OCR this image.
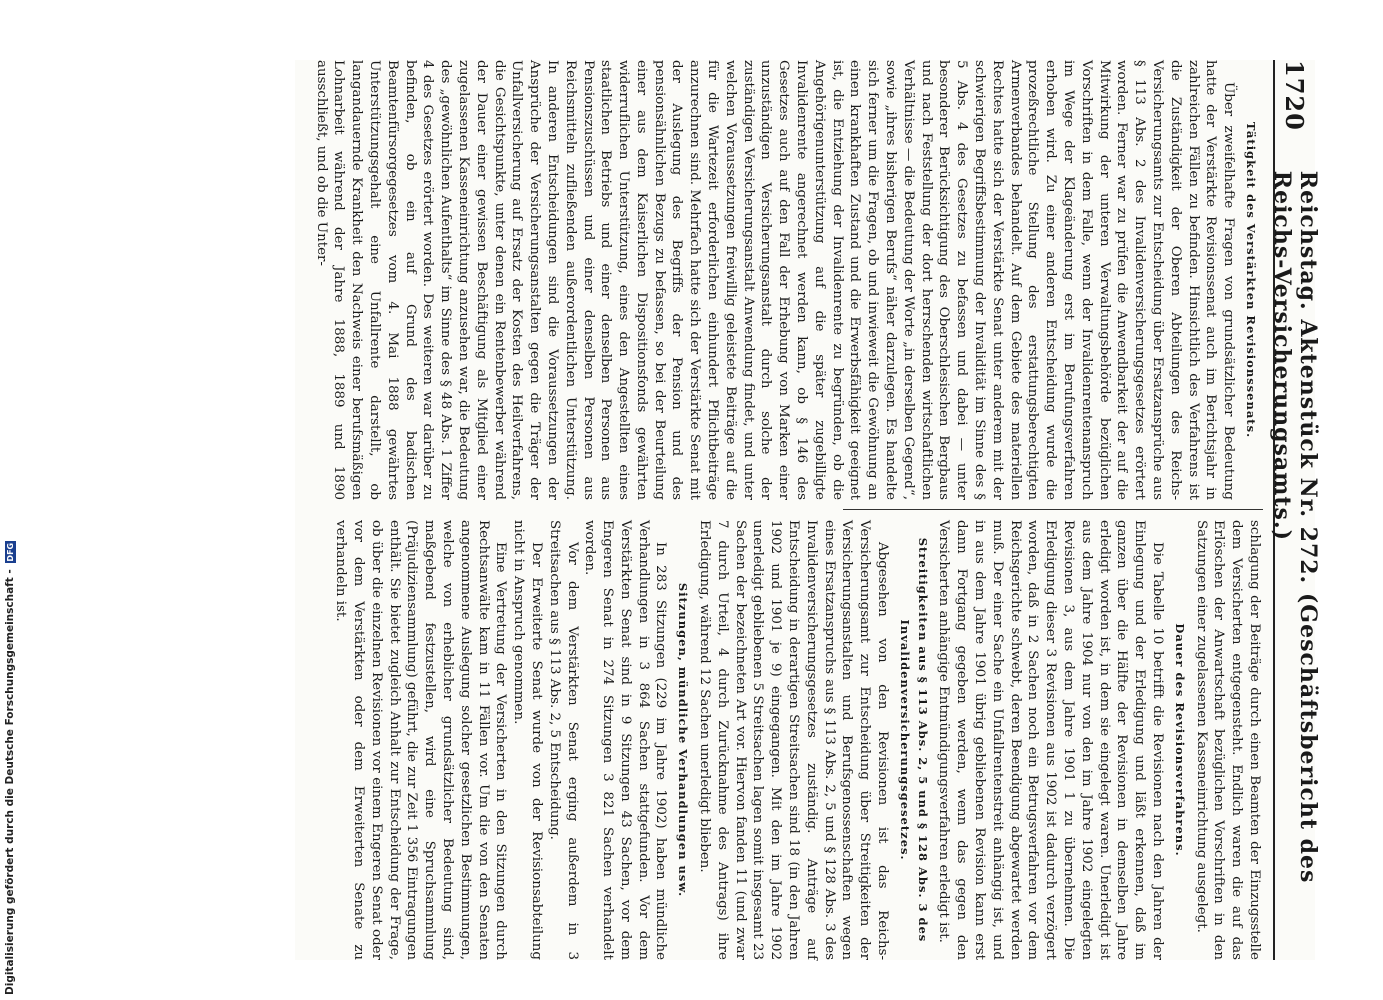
1720
Reichstag. Aktenstück Nr. 272. (Geschäftsbericht des Reichs-Versicherungsamts.)
Tätigkeit des Verstärkten Revisionssenats.

Über zweifelhafte Fragen von grundsätzlicher Bedeutung hatte der Verstärkte Revisionssenat auch im Berichtsjahr in zahlreichen Fällen zu befinden. Hinsichtlich des Verfahrens ist die Zuständigkeit der Oberen Abteilungen des Reichs-Versicherungsamts zur Entscheidung über Ersatzansprüche aus § 113 Abs. 2 des Invalidenversicherungsgesetzes erörtert worden. Ferner war zu prüfen die Anwendbarkeit der auf die Mitwirkung der unteren Verwaltungsbehörde bezüglichen Vorschriften in dem Falle, wenn der Invalidenrentenanspruch im Wege der Klageänderung erst im Berufungsverfahren erhoben wird. Zu einer anderen Entscheidung wurde die prozeßrechtliche Stellung des erstattungsberechtigten Armenverbandes behandelt. Auf dem Gebiete des materiellen Rechtes hatte sich der Verstärkte Senat unter anderem mit der schwierigen Begriffsbestimmung der Invalidität im Sinne des § 5 Abs. 4 des Gesetzes zu befassen und dabei — unter besonderer Berücksichtigung des Oberschlesischen Bergbaus und nach Feststellung der dort herrschenden wirtschaftlichen Verhältnisse — die Bedeutung der Worte „in derselben Gegend“, sowie „ihres bisherigen Berufs“ näher darzulegen. Es handelte sich ferner um die Fragen, ob und inwieweit die Gewöhnung an einen krankhaften Zustand und die Erwerbsfähigkeit geeignet ist, die Entziehung der Invalidenrente zu begründen, ob die Angehörigenunterstützung auf die später zugebilligte Invalidenrente angerechnet werden kann, ob § 146 des Gesetzes auch auf den Fall der Erhebung von Marken einer unzuständigen Versicherungsanstalt durch solche der zuständigen Versicherungsanstalt Anwendung findet, und unter welchen Voraussetzungen freiwillig geleistete Beiträge auf die für die Wartezeit erforderlichen einhundert Pflichtbeiträge anzurechnen sind. Mehrfach hatte sich der Verstärkte Senat mit der Auslegung des Begriffs der Pension und des pensionsähnlichen Bezugs zu befassen, so bei der Beurteilung einer aus dem Kaiserlichen Dispositionsfonds gewährten widerruflichen Unterstützung, eines den Angestellten eines staatlichen Betriebs und einer denselben Personen aus Pensionszuschüssen und einer denselben Personen aus Reichsmitteln zufließenden außerordentlichen Unterstützung. In anderen Entscheidungen sind die Voraussetzungen der Ansprüche der Versicherungsanstalten gegen die Träger der Unfallversicherung auf Ersatz der Kosten des Heilverfahrens, die Gesichtspunkte, unter denen ein Rentenbewerber während der Dauer einer gewissen Beschäftigung als Mitglied einer zugelassenen Kasseneinrichtung anzusehen war, die Bedeutung des „gewöhnlichen Aufenthalts“ im Sinne des § 48 Abs. 1 Ziffer 4 des Gesetzes erörtert worden. Des weiteren war darüber zu befinden, ob ein auf Grund des badischen Beamtenfürsorgegesetzes vom 4. Mai 1888 gewährtes Unterstützungsgehalt eine Unfallrente darstellt, ob langandauernde Krankheit den Nachweis einer berufsmäßigen Lohnarbeit während der Jahre 1888, 1889 und 1890 ausschließt, und ob die Unter-

schlagung der Beiträge durch einen Beamten der Einzugsstelle dem Versicherten entgegensteht. Endlich waren die auf das Erlöschen der Anwartschaft bezüglichen Vorschriften in den Satzungen einer zugelassenen Kasseneinrichtung ausgelegt.

Dauer des Revisionsverfahrens.

Die Tabelle 10 betrifft die Revisionen nach den Jahren der Einlegung und der Erledigung und läßt erkennen, daß im ganzen über die Hälfte der Revisionen in demselben Jahre erledigt worden ist, in dem sie eingelegt waren. Unerledigt ist aus dem Jahre 1904 nur von den im Jahre 1902 eingelegten Revisionen 3, aus dem Jahre 1901 1 zu übernehmen. Die Erledigung dieser 3 Revisionen aus 1902 ist dadurch verzögert worden, daß in 2 Sachen noch ein Betrugsverfahren vor dem Reichsgerichte schwebt, deren Beendigung abgewartet werden muß. Der einer Sache ein Unfallrentenstreit anhängig ist, und in aus dem Jahre 1901 übrig gebliebenen Revision kann erst dann Fortgang gegeben werden, wenn das gegen den Versicherten anhängige Entmündigungsverfahren erledigt ist.

Streitigkeiten aus § 113 Abs. 2, 5 und § 128 Abs. 3 des Invalidenversicherungsgesetzes.

Abgesehen von den Revisionen ist das Reichs-Versicherungsamt zur Entscheidung über Streitigkeiten der Versicherungsanstalten und Berufsgenossenschaften wegen eines Ersatzanspruchs aus § 113 Abs. 2, 5 und § 128 Abs. 3 des Invalidenversicherungsgesetzes zuständig. Anträge auf Entscheidung in derartigen Streitsachen sind 18 (in den Jahren 1902 und 1901 je 9) eingegangen. Mit den im Jahre 1902 unerledigt gebliebenen 5 Streitsachen lagen somit insgesamt 23 Sachen der bezeichneten Art vor. Hiervon fanden 11 (und zwar 7 durch Urteil, 4 durch Zurücknahme des Antrags) ihre Erledigung, während 12 Sachen unerledigt blieben.

Sitzungen, mündliche Verhandlungen usw.

In 283 Sitzungen (229 im Jahre 1902) haben mündliche Verhandlungen in 3 864 Sachen stattgefunden. Vor dem Verstärkten Senat sind in 9 Sitzungen 43 Sachen, vor dem Engeren Senat in 274 Sitzungen 3 821 Sachen verhandelt worden.

Vor dem Verstärkten Senat erging außerdem in 3 Streitsachen aus § 113 Abs. 2, 5 Entscheidung.

Der Erweiterte Senat wurde von der Revisionsabteilung nicht in Anspruch genommen.

Eine Vertretung der Versicherten in den Sitzungen durch Rechtsanwälte kam in 11 Fällen vor. Um die von den Senaten angenommene Auslegung solcher gesetzlichen Bestimmungen, welche von erheblicher grundsätzlicher Bedeutung sind, maßgebend festzustellen, wird eine Spruchsammlung (Präjudiziensammlung) geführt, die zur Zeit 1 356 Eintragungen enthält. Sie bietet zugleich Anhalt zur Entscheidung der Frage, ob über die einzelnen Revisionen vor einem Engeren Senat oder vor dem Verstärkten oder dem Erweiterten Senate zu verhandeln ist.

Digitalisierung gefördert durch die Deutsche Forschungsgemeinschaft -
DFG
